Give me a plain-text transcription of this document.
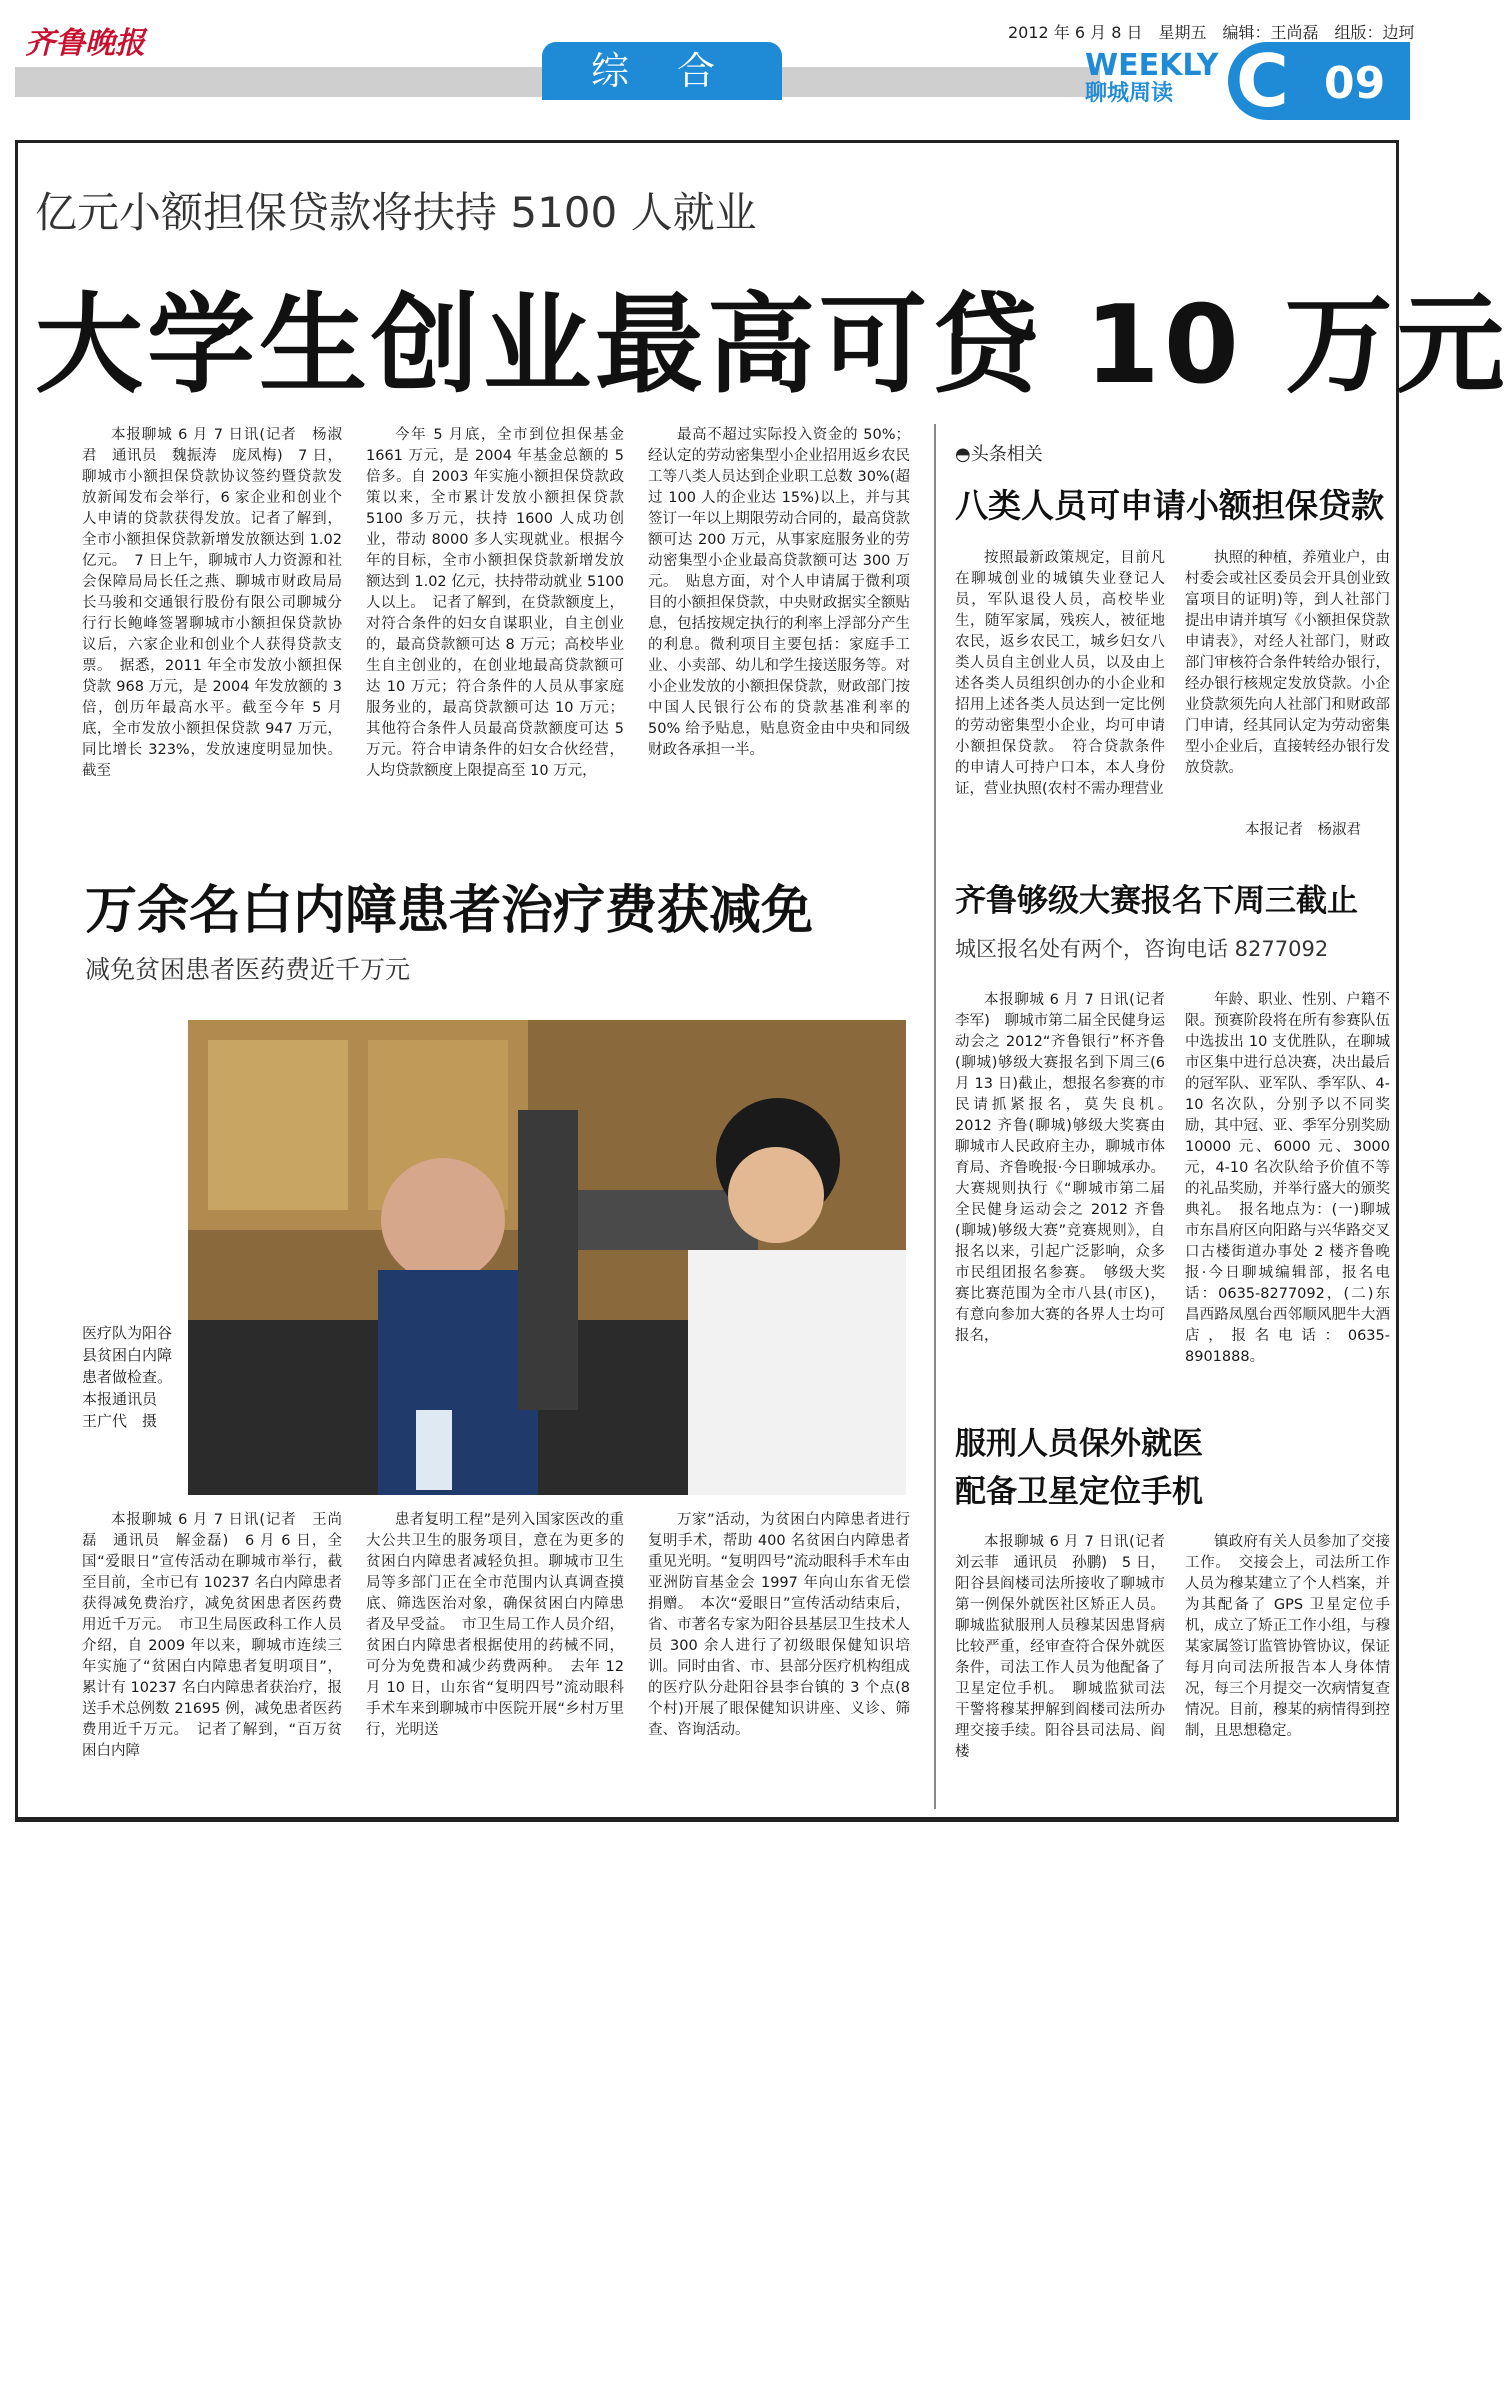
齐鲁晚报	2012 年 6 月 8 日　星期五　编辑：王尚磊　组版：边珂
综 合	WEEKLY
聊城周读 C 09
亿元小额担保贷款将扶持 5100 人就业
大学生创业最高可贷 10 万元
本报聊城 6 月 7 日讯(记者　杨淑君　通讯员　魏振涛　庞凤梅)　7 日，聊城市小额担保贷款协议签约暨贷款发放新闻发布会举行，6 家企业和创业个人申请的贷款获得发放。记者了解到，全市小额担保贷款新增发放额达到 1.02 亿元。　7 日上午，聊城市人力资源和社会保障局局长任之燕、聊城市财政局局长马骏和交通银行股份有限公司聊城分行行长鲍峰签署聊城市小额担保贷款协议后，六家企业和创业个人获得贷款支票。　据悉，2011 年全市发放小额担保贷款 968 万元，是 2004 年发放额的 3 倍，创历年最高水平。截至今年 5 月底，全市发放小额担保贷款 947 万元，同比增长 323%，发放速度明显加快。截至
今年 5 月底，全市到位担保基金 1661 万元，是 2004 年基金总额的 5 倍多。自 2003 年实施小额担保贷款政策以来，全市累计发放小额担保贷款 5100 多万元，扶持 1600 人成功创业，带动 8000 多人实现就业。根据今年的目标，全市小额担保贷款新增发放额达到 1.02 亿元，扶持带动就业 5100 人以上。　记者了解到，在贷款额度上，对符合条件的妇女自谋职业，自主创业的，最高贷款额可达 8 万元；高校毕业生自主创业的，在创业地最高贷款额可达 10 万元；符合条件的人员从事家庭服务业的，最高贷款额可达 10 万元；其他符合条件人员最高贷款额度可达 5 万元。符合申请条件的妇女合伙经营，人均贷款额度上限提高至 10 万元，
最高不超过实际投入资金的 50%；经认定的劳动密集型小企业招用返乡农民工等八类人员达到企业职工总数 30%(超过 100 人的企业达 15%)以上，并与其签订一年以上期限劳动合同的，最高贷款额可达 200 万元，从事家庭服务业的劳动密集型小企业最高贷款额可达 300 万元。　贴息方面，对个人申请属于微利项目的小额担保贷款，中央财政据实全额贴息，包括按规定执行的利率上浮部分产生的利息。微利项目主要包括：家庭手工业、小卖部、幼儿和学生接送服务等。对小企业发放的小额担保贷款，财政部门按中国人民银行公布的贷款基准利率的 50% 给予贴息，贴息资金由中央和同级财政各承担一半。
◓头条相关
八类人员可申请小额担保贷款
按照最新政策规定，目前凡在聊城创业的城镇失业登记人员，军队退役人员，高校毕业生，随军家属，残疾人，被征地农民，返乡农民工，城乡妇女八类人员自主创业人员，以及由上述各类人员组织创办的小企业和招用上述各类人员达到一定比例的劳动密集型小企业，均可申请小额担保贷款。　符合贷款条件的申请人可持户口本，本人身份证，营业执照(农村不需办理营业
执照的种植，养殖业户，由村委会或社区委员会开具创业致富项目的证明)等，到人社部门提出申请并填写《小额担保贷款申请表》，对经人社部门，财政部门审核符合条件转给办银行，经办银行核规定发放贷款。小企业贷款须先向人社部门和财政部门申请，经其同认定为劳动密集型小企业后，直接转经办银行发放贷款。
本报记者　杨淑君
万余名白内障患者治疗费获减免
减免贫困患者医药费近千万元
医疗队为阳谷县贫困白内障患者做检查。　本报通讯员　王广代　摄
本报聊城 6 月 7 日讯(记者　王尚磊　通讯员　解金磊)　6 月 6 日，全国“爱眼日”宣传活动在聊城市举行，截至目前，全市已有 10237 名白内障患者获得减免费治疗，减免贫困患者医药费用近千万元。　市卫生局医政科工作人员介绍，自 2009 年以来，聊城市连续三年实施了“贫困白内障患者复明项目”，累计有 10237 名白内障患者获治疗，报送手术总例数 21695 例，减免患者医药费用近千万元。　记者了解到，“百万贫困白内障
患者复明工程”是列入国家医改的重大公共卫生的服务项目，意在为更多的贫困白内障患者减轻负担。聊城市卫生局等多部门正在全市范围内认真调查摸底、筛选医治对象，确保贫困白内障患者及早受益。　市卫生局工作人员介绍，贫困白内障患者根据使用的药械不同，可分为免费和减少药费两种。　去年 12 月 10 日，山东省“复明四号”流动眼科手术车来到聊城市中医院开展“乡村万里行，光明送
万家”活动，为贫困白内障患者进行复明手术，帮助 400 名贫困白内障患者重见光明。“复明四号”流动眼科手术车由亚洲防盲基金会 1997 年向山东省无偿捐赠。　本次“爱眼日”宣传活动结束后，省、市著名专家为阳谷县基层卫生技术人员 300 余人进行了初级眼保健知识培训。同时由省、市、县部分医疗机构组成的医疗队分赴阳谷县李台镇的 3 个点(8 个村)开展了眼保健知识讲座、义诊、筛查、咨询活动。
齐鲁够级大赛报名下周三截止
城区报名处有两个，咨询电话 8277092
本报聊城 6 月 7 日讯(记者　李军)　聊城市第二届全民健身运动会之 2012“齐鲁银行”杯齐鲁(聊城)够级大赛报名到下周三(6 月 13 日)截止，想报名参赛的市民请抓紧报名，莫失良机。　2012 齐鲁(聊城)够级大奖赛由聊城市人民政府主办，聊城市体育局、齐鲁晚报·今日聊城承办。大赛规则执行《“聊城市第二届全民健身运动会之 2012 齐鲁(聊城)够级大赛”竞赛规则》，自报名以来，引起广泛影响，众多市民组团报名参赛。　够级大奖赛比赛范围为全市八县(市区)，有意向参加大赛的各界人士均可报名，
年龄、职业、性别、户籍不限。预赛阶段将在所有参赛队伍中选拔出 10 支优胜队，在聊城市区集中进行总决赛，决出最后的冠军队、亚军队、季军队、4-10 名次队，分别予以不同奖励，其中冠、亚、季军分别奖励 10000 元、6000 元、3000 元，4-10 名次队给予价值不等的礼品奖励，并举行盛大的颁奖典礼。　报名地点为：(一)聊城市东昌府区向阳路与兴华路交叉口古楼街道办事处 2 楼齐鲁晚报·今日聊城编辑部，报名电话：0635-8277092，(二)东昌西路凤凰台西邻顺风肥牛大酒店，报名电话：0635-8901888。
服刑人员保外就医
配备卫星定位手机
本报聊城 6 月 7 日讯(记者　刘云菲　通讯员　孙鹏)　5 日，阳谷县阎楼司法所接收了聊城市第一例保外就医社区矫正人员。聊城监狱服刑人员穆某因患肾病比较严重，经审查符合保外就医条件，司法工作人员为他配备了卫星定位手机。　聊城监狱司法干警将穆某押解到阎楼司法所办理交接手续。阳谷县司法局、阎楼
镇政府有关人员参加了交接工作。　交接会上，司法所工作人员为穆某建立了个人档案，并为其配备了 GPS 卫星定位手机，成立了矫正工作小组，与穆某家属签订监管协管协议，保证每月向司法所报告本人身体情况，每三个月提交一次病情复查情况。目前，穆某的病情得到控制，且思想稳定。
